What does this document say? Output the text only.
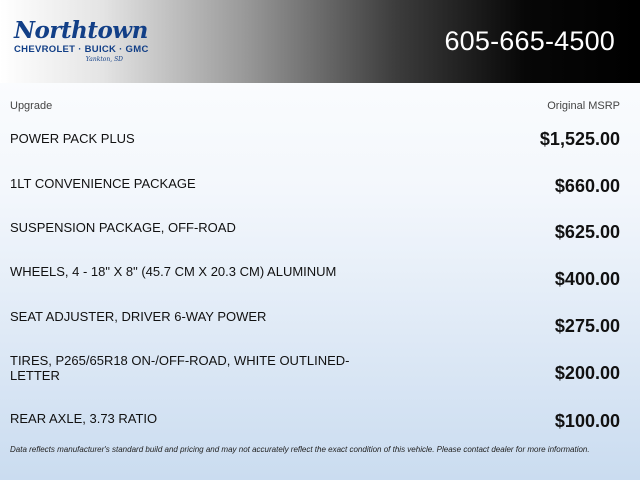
Northtown
CHEVROLET · BUICK · GMC
Yankton, SD
605-665-4500
Upgrade	Original MSRP
POWER PACK PLUS	$1,525.00
1LT CONVENIENCE PACKAGE	$660.00
SUSPENSION PACKAGE, OFF-ROAD	$625.00
WHEELS, 4 - 18" X 8" (45.7 CM X 20.3 CM) ALUMINUM	$400.00
SEAT ADJUSTER, DRIVER 6-WAY POWER	$275.00
TIRES, P265/65R18 ON-/OFF-ROAD, WHITE OUTLINED-LETTER	$200.00
REAR AXLE, 3.73 RATIO	$100.00
Data reflects manufacturer's standard build and pricing and may not accurately reflect the exact condition of this vehicle. Please contact dealer for more information.
